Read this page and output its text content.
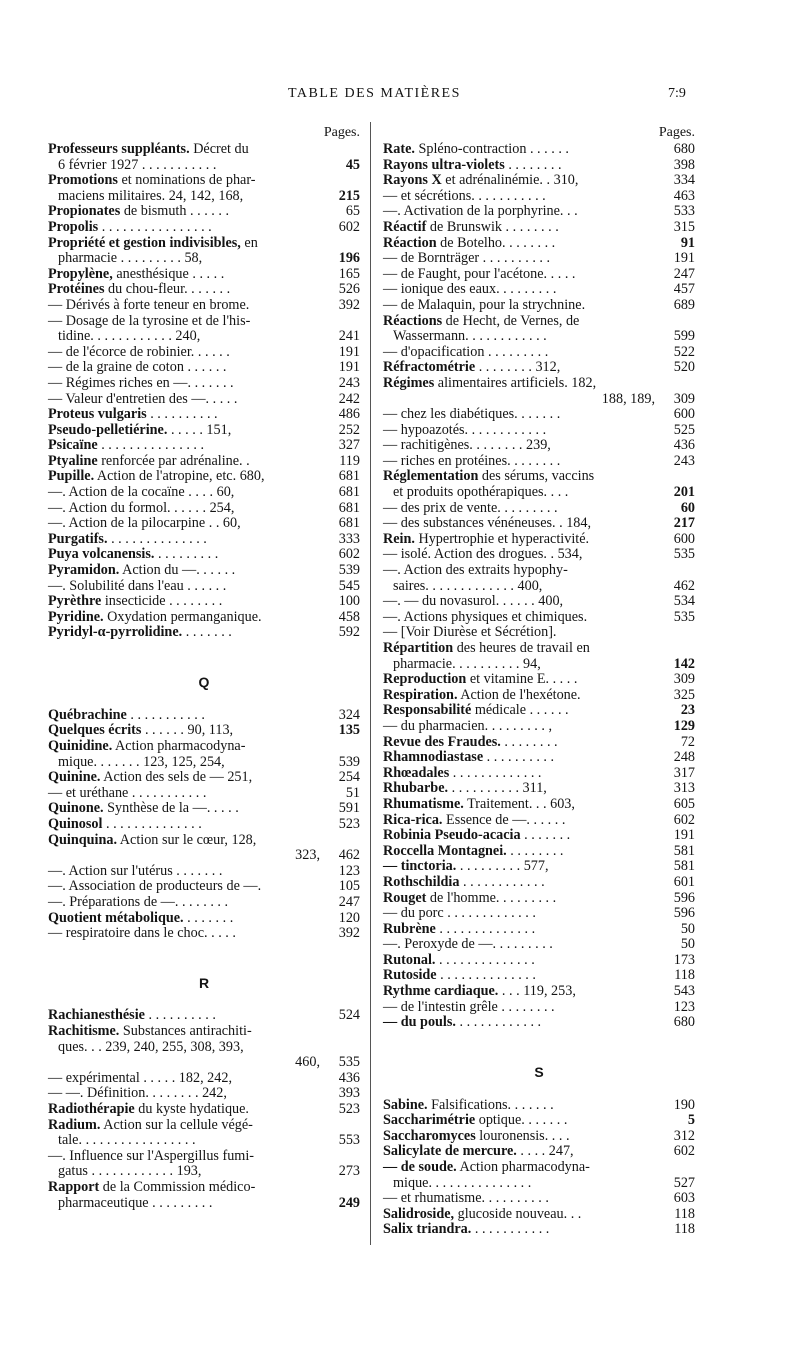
TABLE DES MATIÈRES	7:9
Pages.
Professeurs suppléants. Décret du
6 février 1927 . . . . . . . . . . .	45
Promotions et nominations de phar-
maciens militaires. 24, 142, 168,	215
Propionates de bismuth . . . . . .	65
Propolis . . . . . . . . . . . . . . . .	602
Propriété et gestion indivisibles, en
pharmacie . . . . . . . . . 58,	196
Propylène, anesthésique . . . . .	165
Protéines du chou-fleur. . . . . . .	526
— Dérivés à forte teneur en brome.	392
— Dosage de la tyrosine et de l'his-
tidine. . . . . . . . . . . . 240,	241
— de l'écorce de robinier. . . . . .	191
— de la graine de coton . . . . . .	191
— Régimes riches en —. . . . . . .	243
— Valeur d'entretien des —. . . . .	242
Proteus vulgaris . . . . . . . . . .	486
Pseudo-pelletiérine. . . . . . 151,	252
Psicaïne . . . . . . . . . . . . . . .	327
Ptyaline renforcée par adrénaline. .	119
Pupille. Action de l'atropine, etc. 680,	681
—. Action de la cocaïne . . . . 60,	681
—. Action du formol. . . . . . 254,	681
—. Action de la pilocarpine . . 60,	681
Purgatifs. . . . . . . . . . . . . . .	333
Puya volcanensis. . . . . . . . . .	602
Pyramidon. Action du —. . . . . .	539
—. Solubilité dans l'eau . . . . . .	545
Pyrèthre insecticide . . . . . . . .	100
Pyridine. Oxydation permanganique.	458
Pyridyl-α-pyrrolidine. . . . . . . .	592
Q
Québrachine . . . . . . . . . . .	324
Quelques écrits . . . . . . 90, 113,	135
Quinidine. Action pharmacodyna-
mique. . . . . . . 123, 125, 254,	539
Quinine. Action des sels de — 251,	254
— et uréthane . . . . . . . . . . .	51
Quinone. Synthèse de la —. . . . .	591
Quinosol . . . . . . . . . . . . . .	523
Quinquina. Action sur le cœur, 128,
323, 462
—. Action sur l'utérus . . . . . . .	123
—. Association de producteurs de —.	105
—. Préparations de —. . . . . . . .	247
Quotient métabolique. . . . . . . .	120
— respiratoire dans le choc. . . . .	392
R
Rachianesthésie . . . . . . . . . .	524
Rachitisme. Substances antirachiti-
ques. . . 239, 240, 255, 308, 393,
460, 535
— expérimental . . . . . 182, 242,	436
— —. Définition. . . . . . . . 242,	393
Radiothérapie du kyste hydatique.	523
Radium. Action sur la cellule végé-
tale. . . . . . . . . . . . . . . . .	553
—. Influence sur l'Aspergillus fumi-
gatus . . . . . . . . . . . . 193,	273
Rapport de la Commission médico-
pharmaceutique . . . . . . . . .	249
Pages.
Rate. Spléno-contraction . . . . . .	680
Rayons ultra-violets . . . . . . . .	398
Rayons X et adrénalinémie. . 310,	334
— et sécrétions. . . . . . . . . . .	463
—. Activation de la porphyrine. . .	533
Réactif de Brunswik . . . . . . . .	315
Réaction de Botelho. . . . . . . .	91
— de Bornträger . . . . . . . . . .	191
— de Faught, pour l'acétone. . . . .	247
— ionique des eaux. . . . . . . . .	457
— de Malaquin, pour la strychnine.	689
Réactions de Hecht, de Vernes, de
Wassermann. . . . . . . . . . . .	599
— d'opacification . . . . . . . . .	522
Réfractométrie . . . . . . . . 312,	520
Régimes alimentaires artificiels. 182,
188, 189, 309
— chez les diabétiques. . . . . . .	600
— hypoazotés. . . . . . . . . . . .	525
— rachitigènes. . . . . . . . 239,	436
— riches en protéines. . . . . . . .	243
Réglementation des sérums, vaccins
et produits opothérapiques. . . .	201
— des prix de vente. . . . . . . . .	60
— des substances vénéneuses. . 184,	217
Rein. Hypertrophie et hyperactivité.	600
— isolé. Action des drogues. . 534,	535
—. Action des extraits hypophy-
saires. . . . . . . . . . . . . 400,	462
—. — du novasurol. . . . . . 400,	534
—. Actions physiques et chimiques.	535
— [Voir Diurèse et Sécrétion].
Répartition des heures de travail en
pharmacie. . . . . . . . . . 94,	142
Reproduction et vitamine E. . . . .	309
Respiration. Action de l'hexétone.	325
Responsabilité médicale . . . . . .	23
— du pharmacien. . . . . . . . . ,	129
Revue des Fraudes. . . . . . . . .	72
Rhamnodiastase . . . . . . . . . .	248
Rhœadales . . . . . . . . . . . . .	317
Rhubarbe. . . . . . . . . . . 311,	313
Rhumatisme. Traitement. . . 603,	605
Rica-rica. Essence de —. . . . . .	602
Robinia Pseudo-acacia . . . . . . .	191
Roccella Montagnei. . . . . . . . .	581
— tinctoria. . . . . . . . . . 577,	581
Rothschildia . . . . . . . . . . . .	601
Rouget de l'homme. . . . . . . . .	596
— du porc . . . . . . . . . . . . .	596
Rubrène . . . . . . . . . . . . . .	50
—. Peroxyde de —. . . . . . . . .	50
Rutonal. . . . . . . . . . . . . . .	173
Rutoside . . . . . . . . . . . . . .	118
Rythme cardiaque. . . . 119, 253,	543
— de l'intestin grêle . . . . . . . .	123
— du pouls. . . . . . . . . . . . .	680
S
Sabine. Falsifications. . . . . . .	190
Saccharimétrie optique. . . . . . .	5
Saccharomyces louronensis. . . .	312
Salicylate de mercure. . . . . 247,	602
— de soude. Action pharmacodyna-
mique. . . . . . . . . . . . . . .	527
— et rhumatisme. . . . . . . . . .	603
Salidroside, glucoside nouveau. . .	118
Salix triandra. . . . . . . . . . . .	118
